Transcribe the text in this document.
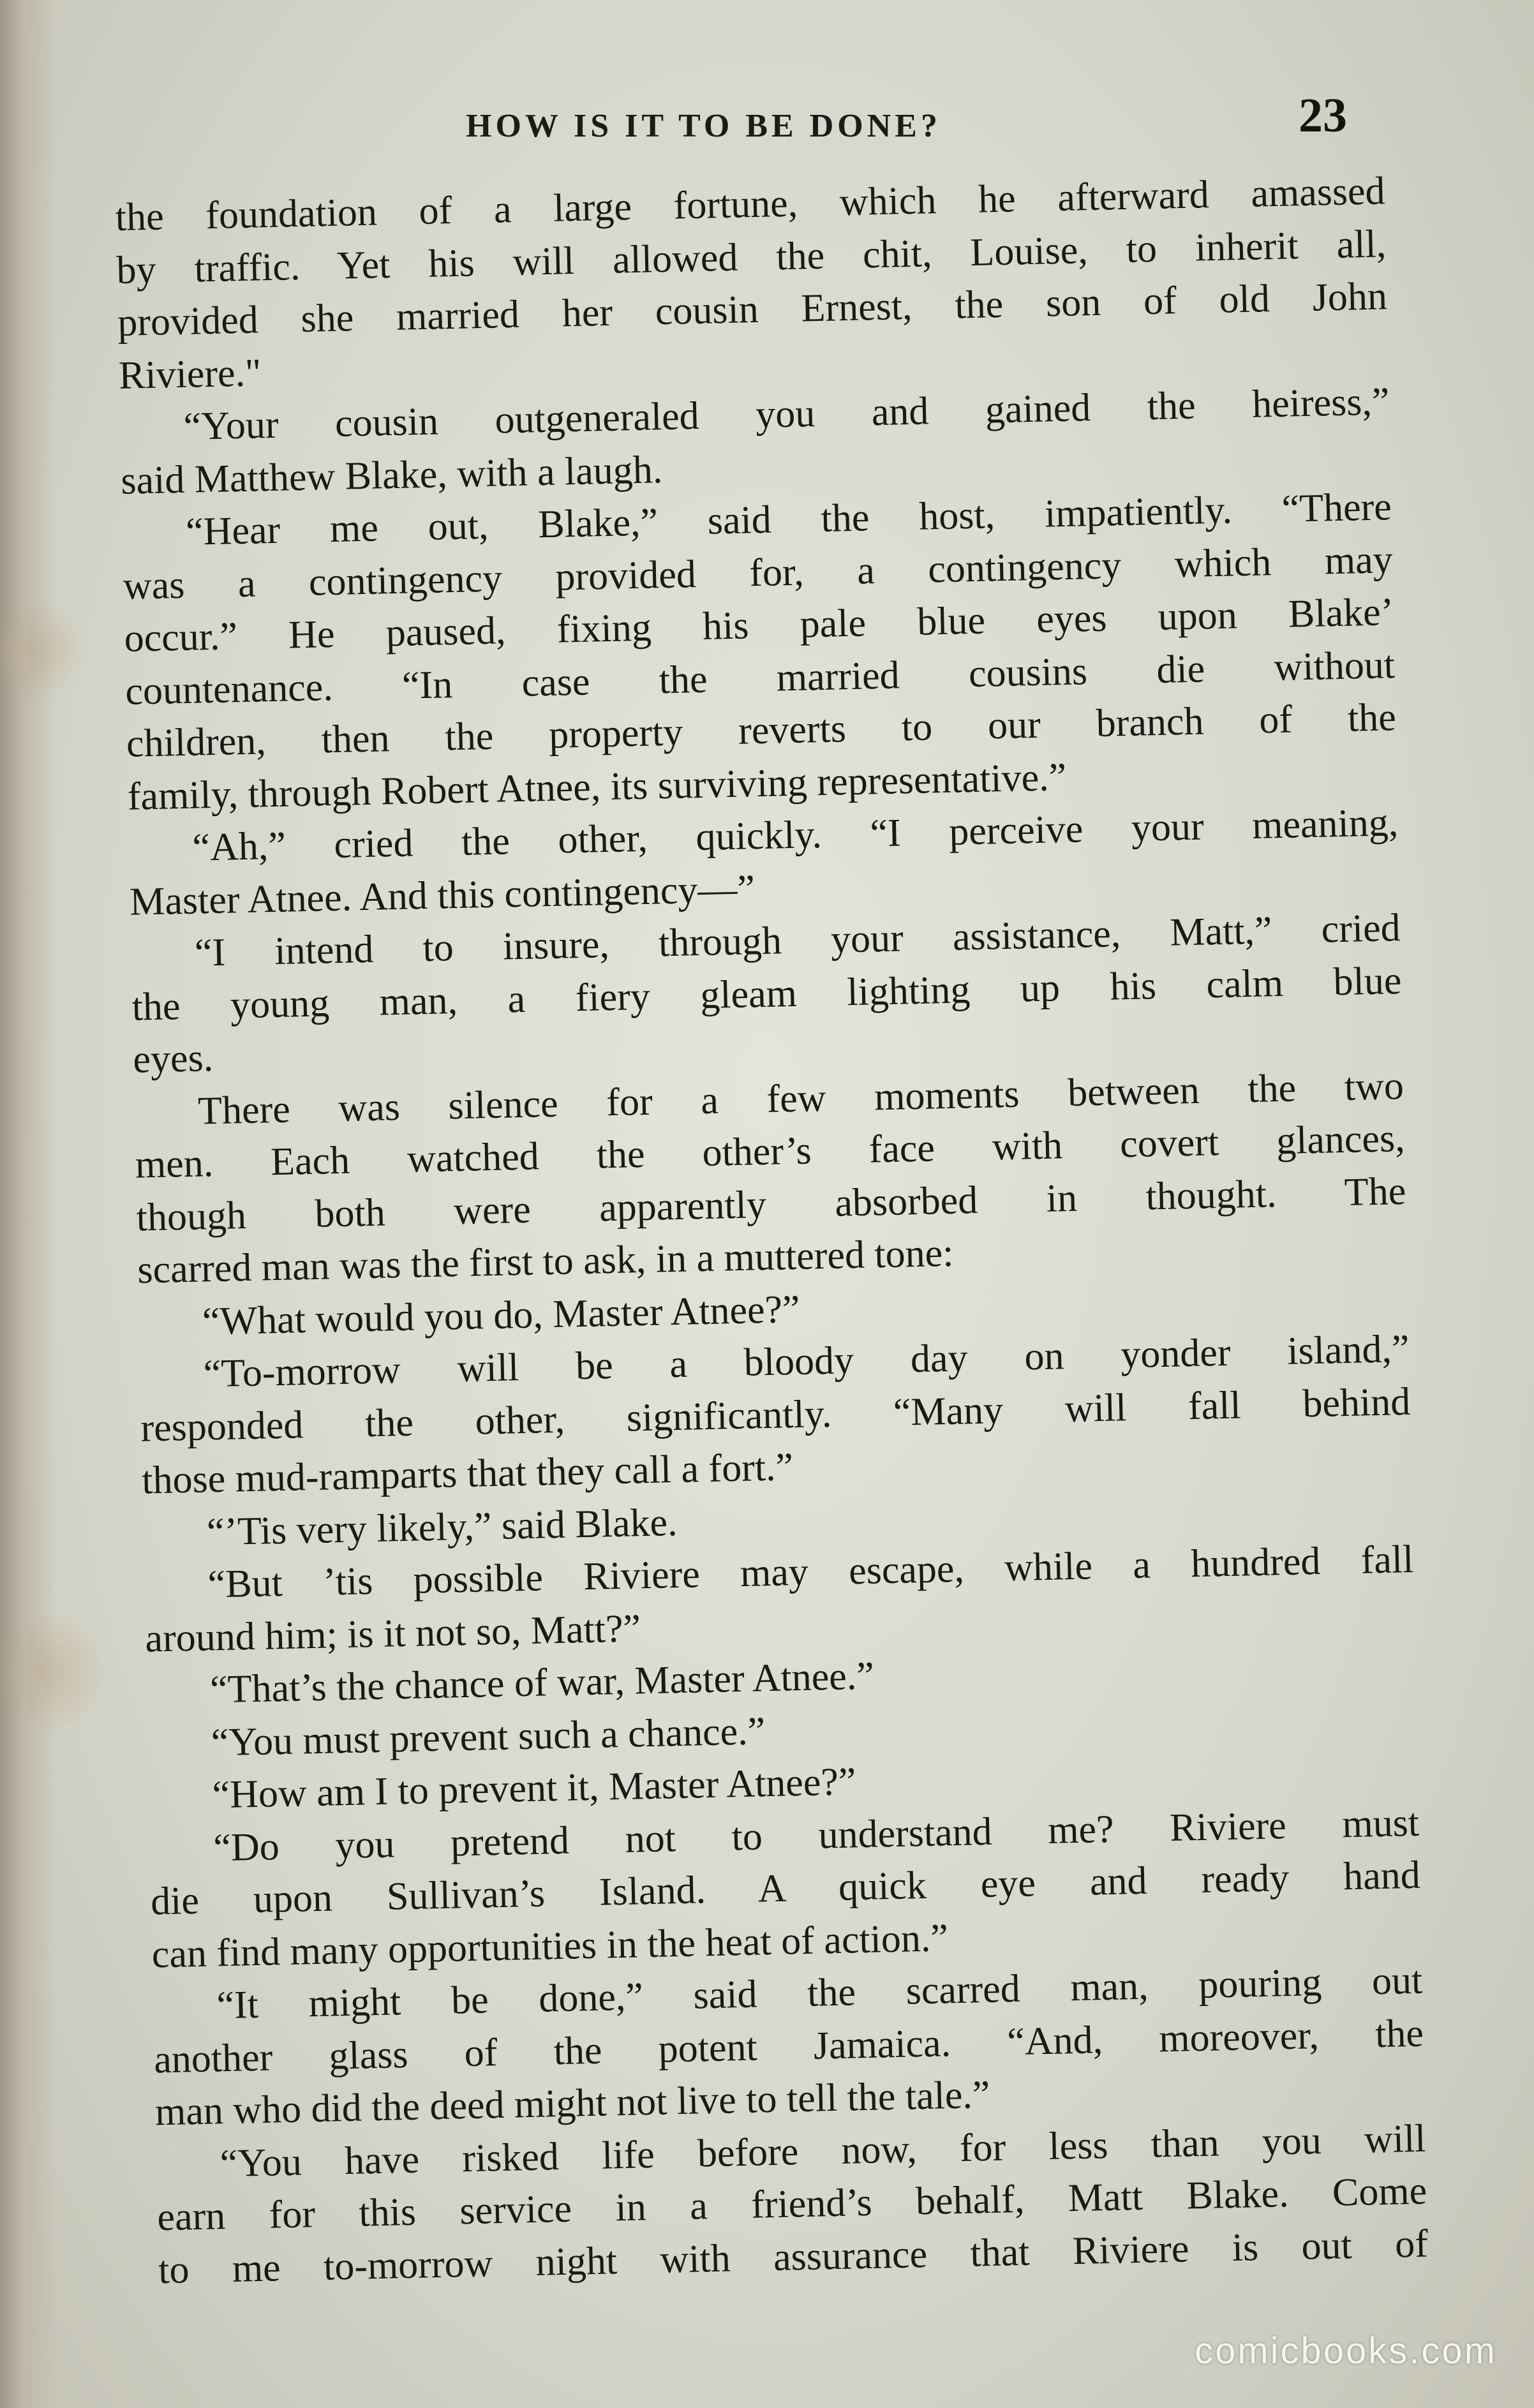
HOW IS IT TO BE DONE?	23
the foundation of a large fortune, which he afterward amassed
by traffic. Yet his will allowed the chit, Louise, to inherit all,
provided she married her cousin Ernest, the son of old John
Riviere."
“Your cousin outgeneraled you and gained the heiress,”
said Matthew Blake, with a laugh.
“Hear me out, Blake,” said the host, impatiently. “There
was a contingency provided for, a contingency which may
occur.” He paused, fixing his pale blue eyes upon Blake’
countenance. “In case the married cousins die without
children, then the property reverts to our branch of the
family, through Robert Atnee, its surviving representative.”
“Ah,” cried the other, quickly. “I perceive your meaning,
Master Atnee. And this contingency—”
“I intend to insure, through your assistance, Matt,” cried
the young man, a fiery gleam lighting up his calm blue
eyes.
There was silence for a few moments between the two
men. Each watched the other’s face with covert glances,
though both were apparently absorbed in thought. The
scarred man was the first to ask, in a muttered tone:
“What would you do, Master Atnee?”
“To-morrow will be a bloody day on yonder island,”
responded the other, significantly. “Many will fall behind
those mud-ramparts that they call a fort.”
“’Tis very likely,” said Blake.
“But ’tis possible Riviere may escape, while a hundred fall
around him; is it not so, Matt?”
“That’s the chance of war, Master Atnee.”
“You must prevent such a chance.”
“How am I to prevent it, Master Atnee?”
“Do you pretend not to understand me? Riviere must
die upon Sullivan’s Island. A quick eye and ready hand
can find many opportunities in the heat of action.”
“It might be done,” said the scarred man, pouring out
another glass of the potent Jamaica. “And, moreover, the
man who did the deed might not live to tell the tale.”
“You have risked life before now, for less than you will
earn for this service in a friend’s behalf, Matt Blake. Come
to me to-morrow night with assurance that Riviere is out of
comicbooks.com
